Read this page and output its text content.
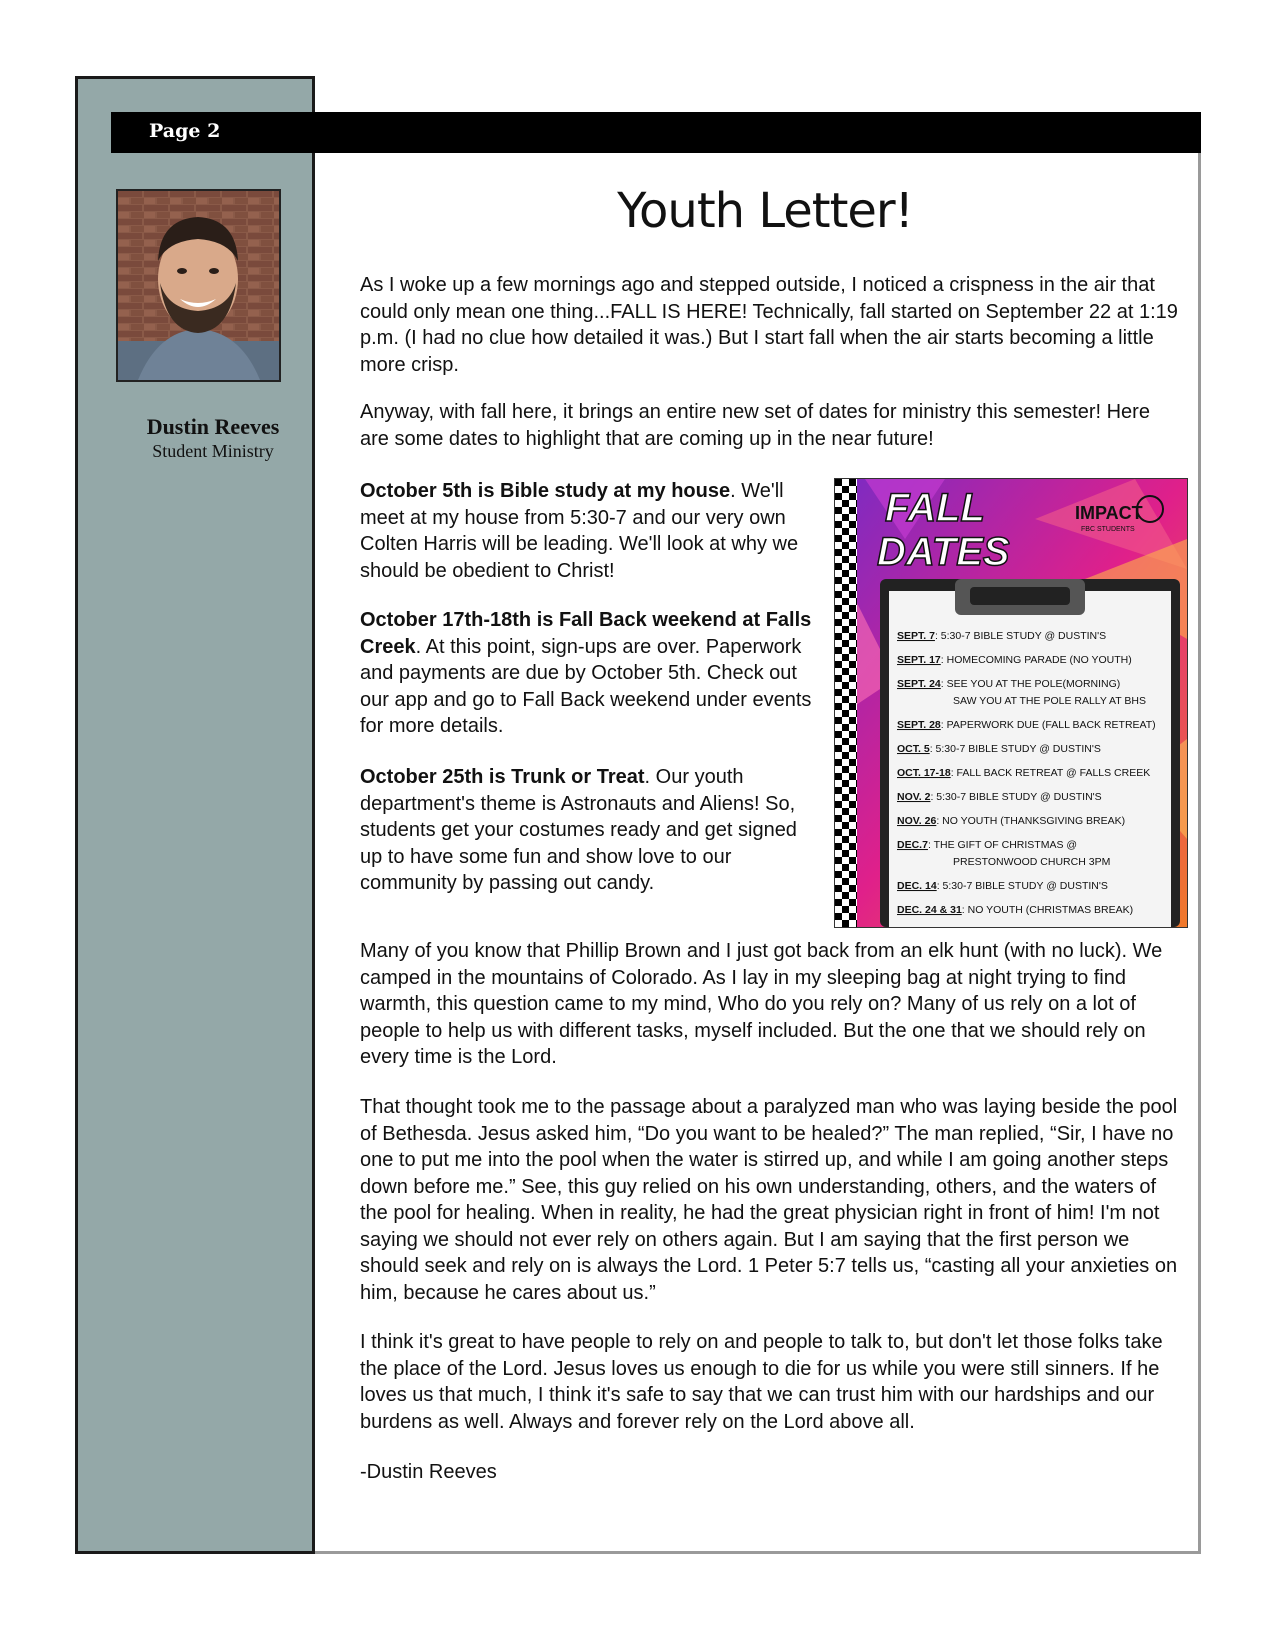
Page 2
Dustin Reeves
Student Ministry
Youth Letter!

As I woke up a few mornings ago and stepped outside, I noticed a crispness in the air that could only mean one thing...FALL IS HERE! Technically, fall started on September 22 at 1:19 p.m. (I had no clue how detailed it was.) But I start fall when the air starts becoming a little more crisp.

Anyway, with fall here, it brings an entire new set of dates for ministry this semester! Here are some dates to highlight that are coming up in the near future!

October 5th is Bible study at my house. We'll meet at my house from 5:30-7 and our very own Colten Harris will be leading. We'll look at why we should be obedient to Christ!

October 17th-18th is Fall Back weekend at Falls Creek. At this point, sign-ups are over. Paperwork and payments are due by October 5th. Check out our app and go to Fall Back weekend under events for more details.

October 25th is Trunk or Treat. Our youth department's theme is Astronauts and Aliens! So, students get your costumes ready and get signed up to have some fun and show love to our community by passing out candy.

FALL
DATES
IMPACT
FBC STUDENTS
SEPT. 7: 5:30-7 BIBLE STUDY @ DUSTIN'S
SEPT. 17: HOMECOMING PARADE (NO YOUTH)
SEPT. 24: SEE YOU AT THE POLE(MORNING)
SAW YOU AT THE POLE RALLY AT BHS
SEPT. 28: PAPERWORK DUE (FALL BACK RETREAT)
OCT. 5: 5:30-7 BIBLE STUDY @ DUSTIN'S
OCT. 17-18: FALL BACK RETREAT @ FALLS CREEK
NOV. 2: 5:30-7 BIBLE STUDY @ DUSTIN'S
NOV. 26: NO YOUTH (THANKSGIVING BREAK)
DEC.7: THE GIFT OF CHRISTMAS @
PRESTONWOOD CHURCH 3PM
DEC. 14: 5:30-7 BIBLE STUDY @ DUSTIN'S
DEC. 24 & 31: NO YOUTH (CHRISTMAS BREAK)

Many of you know that Phillip Brown and I just got back from an elk hunt (with no luck). We camped in the mountains of Colorado. As I lay in my sleeping bag at night trying to find warmth, this question came to my mind, Who do you rely on? Many of us rely on a lot of people to help us with different tasks, myself included. But the one that we should rely on every time is the Lord.

That thought took me to the passage about a paralyzed man who was laying beside the pool of Bethesda. Jesus asked him, “Do you want to be healed?” The man replied, “Sir, I have no one to put me into the pool when the water is stirred up, and while I am going another steps down before me.” See, this guy relied on his own understanding, others, and the waters of the pool for healing. When in reality, he had the great physician right in front of him! I'm not saying we should not ever rely on others again. But I am saying that the first person we should seek and rely on is always the Lord. 1 Peter 5:7 tells us, “casting all your anxieties on him, because he cares about us.”

I think it's great to have people to rely on and people to talk to, but don't let those folks take the place of the Lord. Jesus loves us enough to die for us while you were still sinners. If he loves us that much, I think it's safe to say that we can trust him with our hardships and our burdens as well. Always and forever rely on the Lord above all.

-Dustin Reeves
